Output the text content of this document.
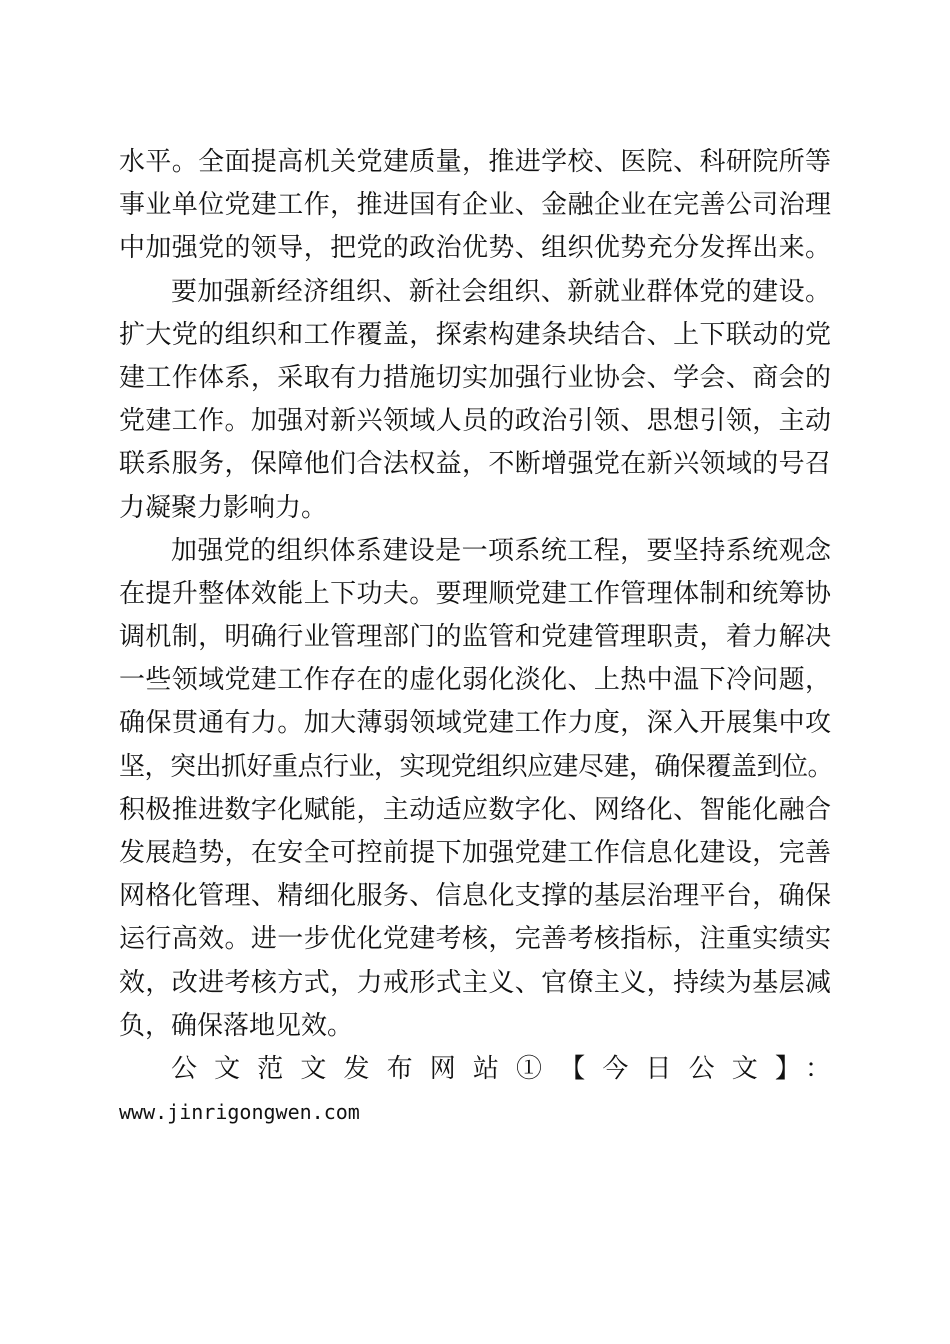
水平。全面提高机关党建质量，推进学校、医院、科研院所等
事业单位党建工作，推进国有企业、金融企业在完善公司治理
中加强党的领导，把党的政治优势、组织优势充分发挥出来。
要加强新经济组织、新社会组织、新就业群体党的建设。
扩大党的组织和工作覆盖，探索构建条块结合、上下联动的党
建工作体系，采取有力措施切实加强行业协会、学会、商会的
党建工作。加强对新兴领域人员的政治引领、思想引领，主动
联系服务，保障他们合法权益，不断增强党在新兴领域的号召
力凝聚力影响力。
加强党的组织体系建设是一项系统工程，要坚持系统观念
在提升整体效能上下功夫。要理顺党建工作管理体制和统筹协
调机制，明确行业管理部门的监管和党建管理职责，着力解决
一些领域党建工作存在的虚化弱化淡化、上热中温下冷问题，
确保贯通有力。加大薄弱领域党建工作力度，深入开展集中攻
坚，突出抓好重点行业，实现党组织应建尽建，确保覆盖到位。
积极推进数字化赋能，主动适应数字化、网络化、智能化融合
发展趋势，在安全可控前提下加强党建工作信息化建设，完善
网格化管理、精细化服务、信息化支撑的基层治理平台，确保
运行高效。进一步优化党建考核，完善考核指标，注重实绩实
效，改进考核方式，力戒形式主义、官僚主义，持续为基层减
负，确保落地见效。
公文范文发布网站①【今日公文】：
www.jinrigongwen.com
